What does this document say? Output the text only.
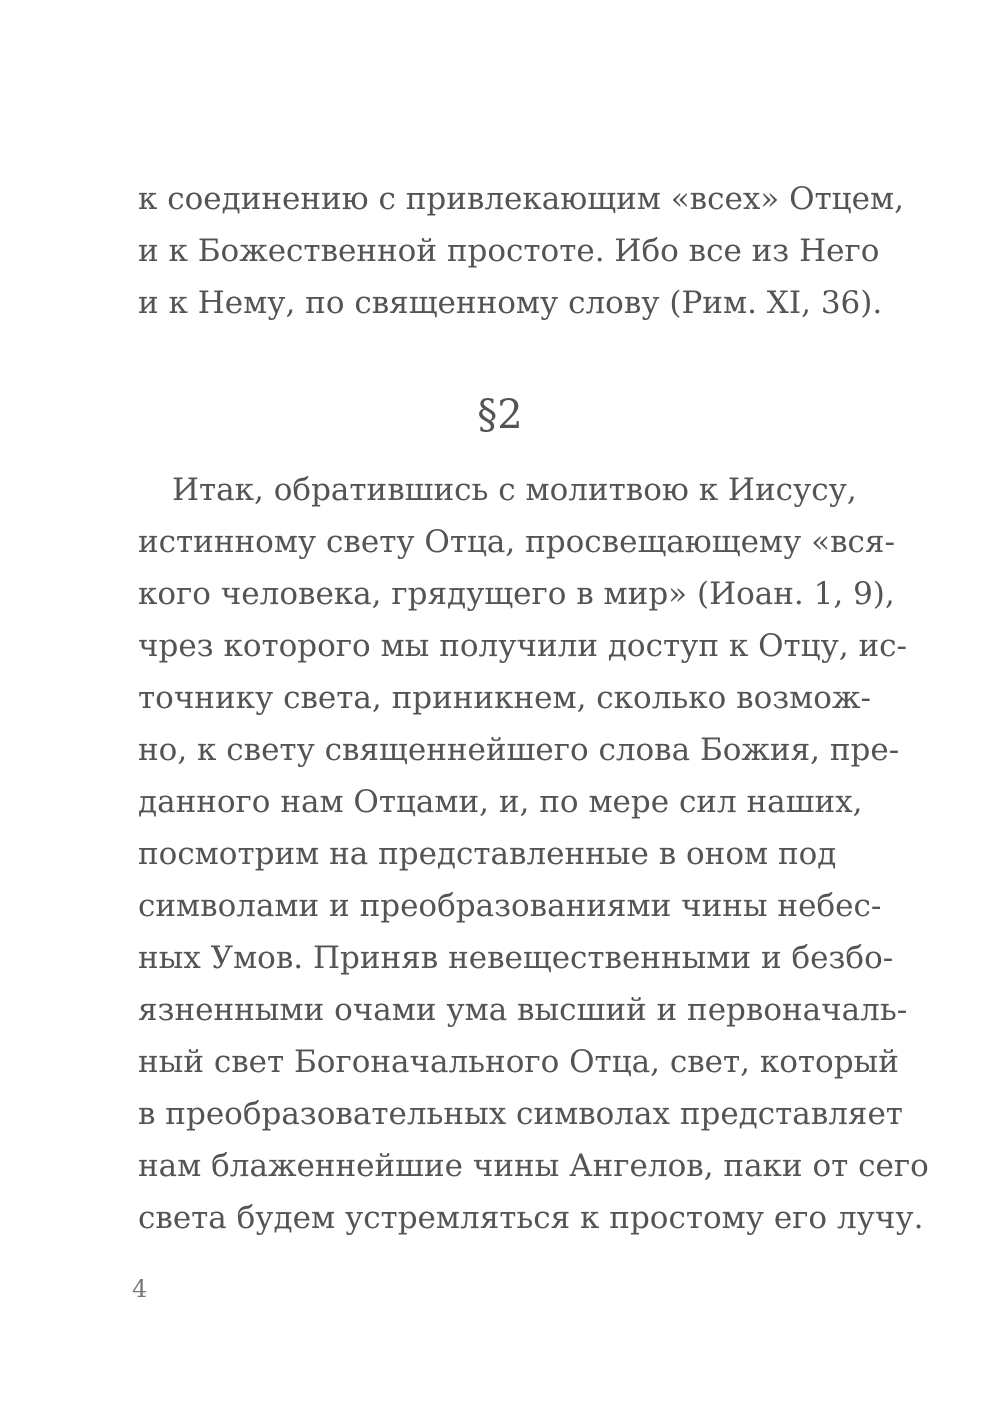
к соединению с привлекающим «всех» Отцем,
и к Божественной простоте. Ибо все из Него
и к Нему, по священному слову (Рим. XI, 36).
§2
Итак, обратившись с молитвою к Иисусу,
истинному свету Отца, просвещающему «вся-
кого человека, грядущего в мир» (Иоан. 1, 9),
чрез которого мы получили доступ к Отцу, ис-
точнику света, приникнем, сколько возмож-
но, к свету священнейшего слова Божия, пре-
данного нам Отцами, и, по мере сил наших,
посмотрим на представленные в оном под
символами и преобразованиями чины небес-
ных Умов. Приняв невещественными и безбо-
язненными очами ума высший и первоначаль-
ный свет Богоначального Отца, свет, который
в преобразовательных символах представляет
нам блаженнейшие чины Ангелов, паки от сего
света будем устремляться к простому его лучу.
4
